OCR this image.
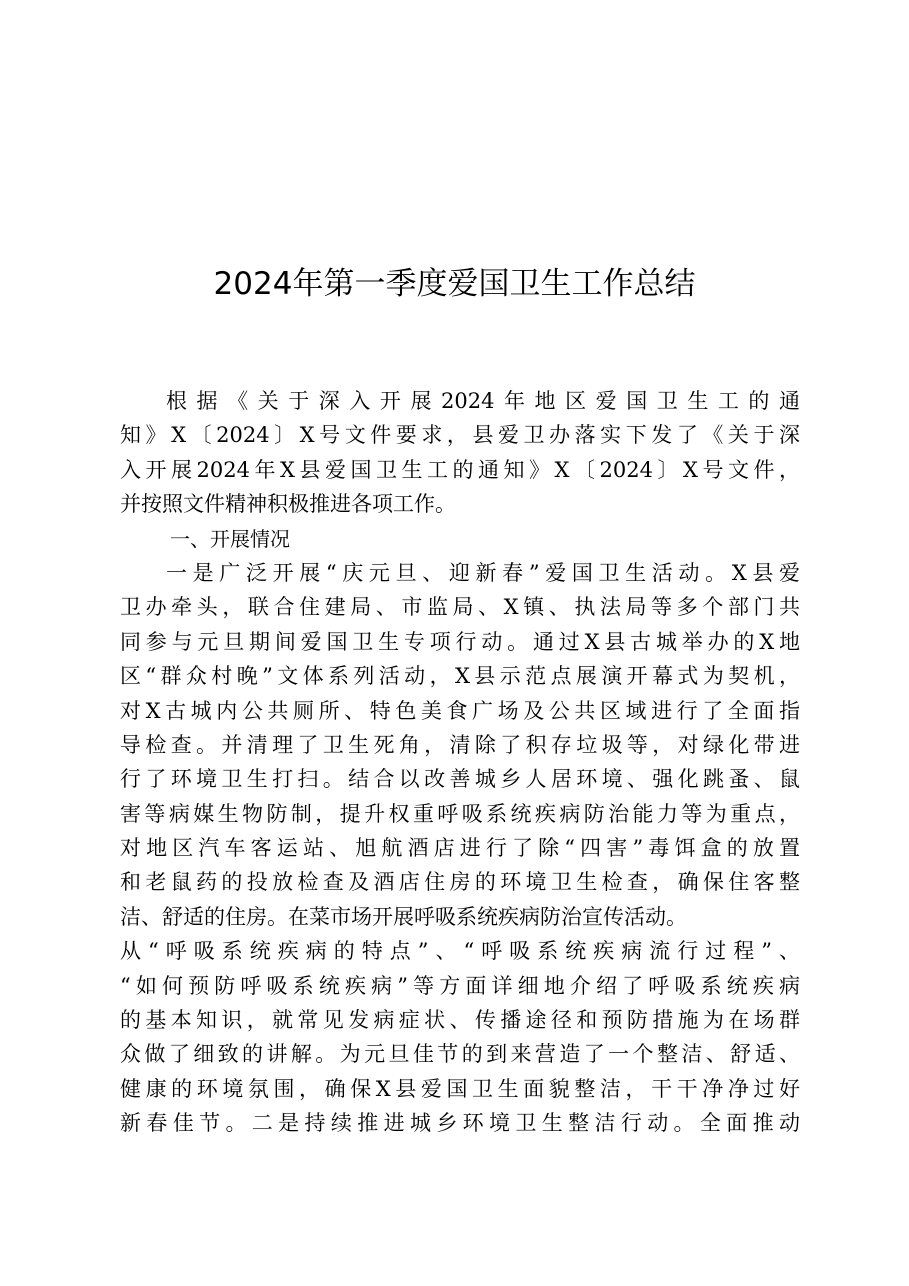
2024年第一季度爱国卫生工作总结
根据《关于深入开展2024年地区爱国卫生工的通
知》X〔2024〕X号文件要求，县爱卫办落实下发了《关于深
入开展2024年X县爱国卫生工的通知》X〔2024〕X号文件，
并按照文件精神积极推进各项工作。
一、开展情况
一是广泛开展“庆元旦、迎新春”爱国卫生活动。X县爱
卫办牵头，联合住建局、市监局、X镇、执法局等多个部门共
同参与元旦期间爱国卫生专项行动。通过X县古城举办的X地
区“群众村晚”文体系列活动，X县示范点展演开幕式为契机，
对X古城内公共厕所、特色美食广场及公共区域进行了全面指
导检查。并清理了卫生死角，清除了积存垃圾等，对绿化带进
行了环境卫生打扫。结合以改善城乡人居环境、强化跳蚤、鼠
害等病媒生物防制，提升权重呼吸系统疾病防治能力等为重点，
对地区汽车客运站、旭航酒店进行了除“四害”毒饵盒的放置
和老鼠药的投放检查及酒店住房的环境卫生检查，确保住客整
洁、舒适的住房。在菜市场开展呼吸系统疾病防治宣传活动。
从“呼吸系统疾病的特点”、“呼吸系统疾病流行过程”、
“如何预防呼吸系统疾病”等方面详细地介绍了呼吸系统疾病
的基本知识，就常见发病症状、传播途径和预防措施为在场群
众做了细致的讲解。为元旦佳节的到来营造了一个整洁、舒适、
健康的环境氛围，确保X县爱国卫生面貌整洁，干干净净过好
新春佳节。二是持续推进城乡环境卫生整洁行动。全面推动
